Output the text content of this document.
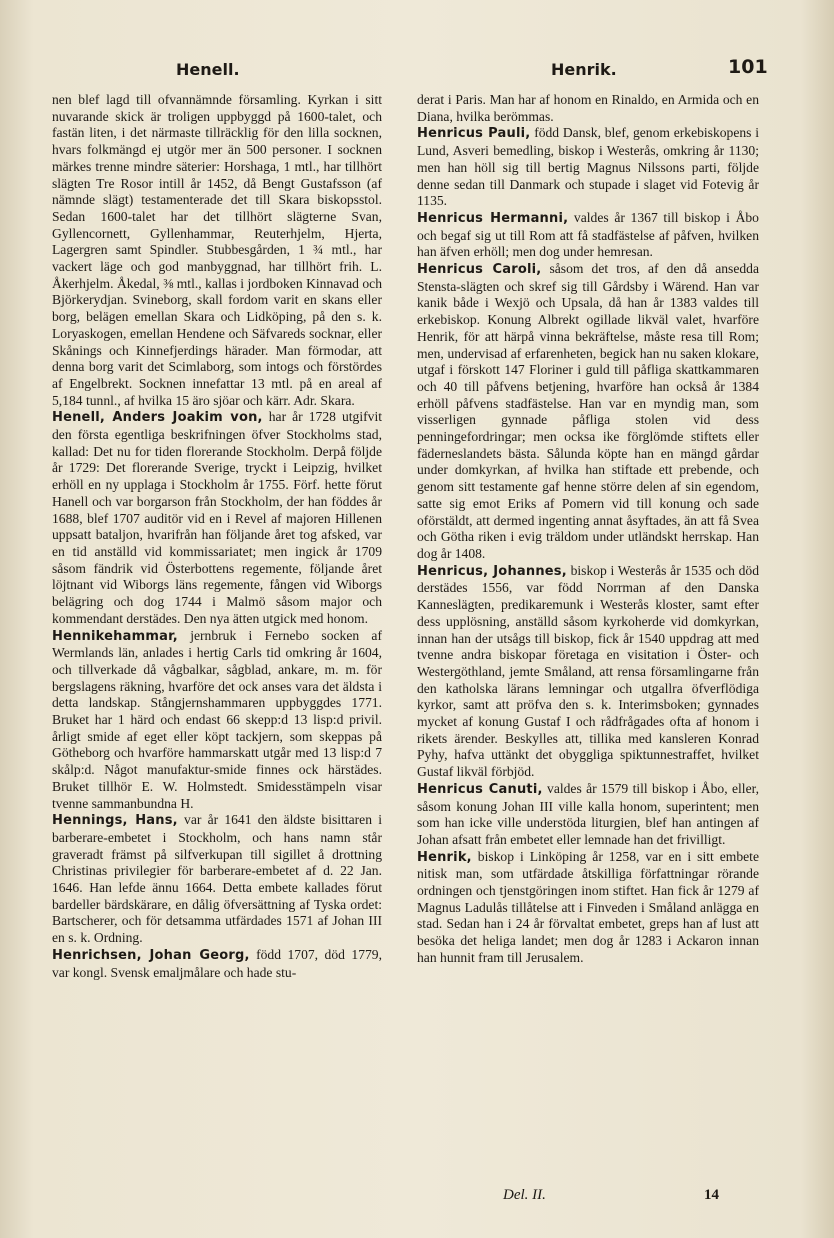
Henell.	Henrik.	101

nen blef lagd till ofvannämnde församling. Kyrkan i sitt nuvarande skick är troligen uppbyggd på 1600-talet, och fastän liten, i det närmaste tillräcklig för den lilla socknen, hvars folkmängd ej utgör mer än 500 personer. I socknen märkes trenne mindre säterier: Horshaga, 1 mtl., har tillhört slägten Tre Rosor intill år 1452, då Bengt Gustafsson (af nämnde slägt) testamenterade det till Skara biskopsstol. Sedan 1600-talet har det tillhört slägterne Svan, Gyllencornett, Gyllenhammar, Reuterhjelm, Hjerta, Lagergren samt Spindler. Stubbesgården, 1 ¾ mtl., har vackert läge och god manbyggnad, har tillhört frih. L. Åkerhjelm. Åkedal, ⅜ mtl., kallas i jordboken Kinnavad och Björkerydjan. Svineborg, skall fordom varit en skans eller borg, belägen emellan Skara och Lidköping, på den s. k. Loryaskogen, emellan Hendene och Säfvareds socknar, eller Skånings och Kinnefjerdings härader. Man förmodar, att denna borg varit det Scimlaborg, som intogs och förstördes af Engelbrekt. Socknen innefattar 13 mtl. på en areal af 5,184 tunnl., af hvilka 15 äro sjöar och kärr. Adr. Skara.

Henell, Anders Joakim von, har år 1728 utgifvit den första egentliga beskrifningen öfver Stockholms stad, kallad: Det nu for tiden florerande Stockholm. Derpå följde år 1729: Det florerande Sverige, tryckt i Leipzig, hvilket erhöll en ny upplaga i Stockholm år 1755. Förf. hette förut Hanell och var borgarson från Stockholm, der han föddes år 1688, blef 1707 auditör vid en i Revel af majoren Hillenen uppsatt bataljon, hvarifrån han följande året tog afsked, var en tid anställd vid kommissariatet; men ingick år 1709 såsom fändrik vid Österbottens regemente, följande året löjtnant vid Wiborgs läns regemente, fången vid Wiborgs belägring och dog 1744 i Malmö såsom major och kommendant derstädes. Den nya ätten utgick med honom.

Hennikehammar, jernbruk i Fernebo socken af Wermlands län, anlades i hertig Carls tid omkring år 1604, och tillverkade då vågbalkar, sågblad, ankare, m. m. för bergslagens räkning, hvarföre det ock anses vara det äldsta i detta landskap. Stångjernshammaren uppbyggdes 1771. Bruket har 1 härd och endast 66 skepp:d 13 lisp:d privil. årligt smide af eget eller köpt tackjern, som skeppas på Götheborg och hvarföre hammarskatt utgår med 13 lisp:d 7 skålp:d. Något manufaktur-smide finnes ock härstädes. Bruket tillhör E. W. Holmstedt. Smidesstämpeln visar tvenne sammanbundna H.

Hennings, Hans, var år 1641 den äldste bisittaren i barberare-embetet i Stockholm, och hans namn står graveradt främst på silfverkupan till sigillet å drottning Christinas privilegier för barberare-embetet af d. 22 Jan. 1646. Han lefde ännu 1664. Detta embete kallades förut bardeller bärdskärare, en dålig öfversättning af Tyska ordet: Bartscherer, och för detsamma utfärdades 1571 af Johan III en s. k. Ordning.

Henrichsen, Johan Georg, född 1707, död 1779, var kongl. Svensk emaljmålare och hade stu-

derat i Paris. Man har af honom en Rinaldo, en Armida och en Diana, hvilka berömmas.

Henricus Pauli, född Dansk, blef, genom erkebiskopens i Lund, Asveri bemedling, biskop i Westerås, omkring år 1130; men han höll sig till bertig Magnus Nilssons parti, följde denne sedan till Danmark och stupade i slaget vid Fotevig år 1135.

Henricus Hermanni, valdes år 1367 till biskop i Åbo och begaf sig ut till Rom att få stadfästelse af påfven, hvilken han äfven erhöll; men dog under hemresan.

Henricus Caroli, såsom det tros, af den då ansedda Stensta-slägten och skref sig till Gårdsby i Wärend. Han var kanik både i Wexjö och Upsala, då han år 1383 valdes till erkebiskop. Konung Albrekt ogillade likväl valet, hvarföre Henrik, för att härpå vinna bekräftelse, måste resa till Rom; men, undervisad af erfarenheten, begick han nu saken klokare, utgaf i förskott 147 Floriner i guld till påfliga skattkammaren och 40 till påfvens betjening, hvarföre han också år 1384 erhöll påfvens stadfästelse. Han var en myndig man, som visserligen gynnade påfliga stolen vid dess penningefordringar; men ocksa ike förglömde stiftets eller fäderneslandets bästa. Sålunda köpte han en mängd gårdar under domkyrkan, af hvilka han stiftade ett prebende, och genom sitt testamente gaf henne större delen af sin egendom, satte sig emot Eriks af Pomern vid till konung och sade oförstäldt, att dermed ingenting annat åsyftades, än att få Svea och Götha riken i evig träldom under utländskt herrskap. Han dog år 1408.

Henricus, Johannes, biskop i Westerås år 1535 och död derstädes 1556, var född Norrman af den Danska Kanneslägten, predikaremunk i Westerås kloster, samt efter dess upplösning, anställd såsom kyrkoherde vid domkyrkan, innan han der utsågs till biskop, fick år 1540 uppdrag att med tvenne andra biskopar företaga en visitation i Öster- och Westergöthland, jemte Småland, att rensa församlingarne från den katholska lärans lemningar och utgallra öfverflödiga kyrkor, samt att pröfva den s. k. Interimsboken; gynnades mycket af konung Gustaf I och rådfrågades ofta af honom i rikets ärender. Beskylles att, tillika med kansleren Konrad Pyhy, hafva uttänkt det obyggliga spiktunnestraffet, hvilket Gustaf likväl förbjöd.

Henricus Canuti, valdes år 1579 till biskop i Åbo, eller, såsom konung Johan III ville kalla honom, superintent; men som han icke ville understöda liturgien, blef han antingen af Johan afsatt från embetet eller lemnade han det frivilligt.

Henrik, biskop i Linköping år 1258, var en i sitt embete nitisk man, som utfärdade åtskilliga författningar rörande ordningen och tjenstgöringen inom stiftet. Han fick år 1279 af Magnus Ladulås tillåtelse att i Finveden i Småland anlägga en stad. Sedan han i 24 år förvaltat embetet, greps han af lust att besöka det heliga landet; men dog år 1283 i Ackaron innan han hunnit fram till Jerusalem.

Del. II.	14
